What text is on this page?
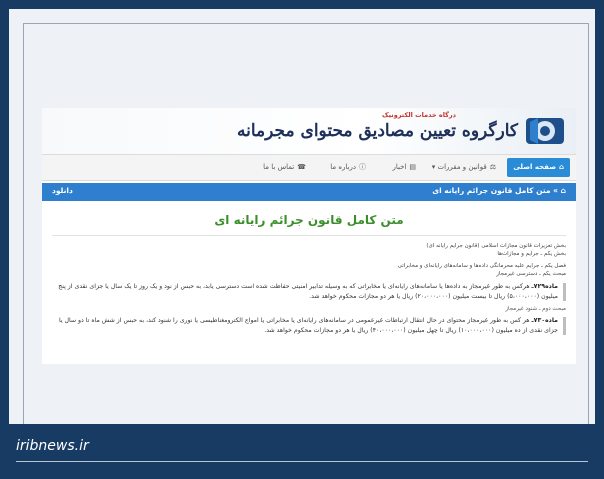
درگاه خدمات الکترونیک
کارگروه تعیین مصادیق محتوای مجرمانه
⌂صفحه اصلی
⚖قوانین و مقررات ▾
▤اخبار
ⓘدرباره ما
☎تماس با ما
⌂ » متن کامل قانون جرائم رایانه ای
دانلود
متن کامل قانون جرائم رایانه ای
بخش تعزیرات قانون مجازات اسلامی (قانون جرایم رایانه ای)
بخش یکم ـ جرایم و مجازات‌ها
فصل یکم ـ جرایم علیه محرمانگی داده‌ها و سامانه‌های رایانه‌ای و مخابراتی
مبحث یکم ـ دسترسی غیرمجاز
ماده۷۲۹ـ هرکس به طور غیرمجاز به داده‌ها یا سامانه‌های رایانه‌ای یا مخابراتی که به وسیله تدابیر امنیتی حفاظت شده است دسترسی یابد، به حبس از نود و یک روز تا یک سال یا جزای نقدی از پنج میلیون (۵،۰۰۰،۰۰۰) ریال تا بیست میلیون (۲۰،۰۰۰،۰۰۰) ریال یا هر دو مجازات محکوم خواهد شد.
مبحث دوم ـ شنود غیرمجاز
ماده۷۳۰ـ هر کس به طور غیرمجاز محتوای در حال انتقال ارتباطات غیرعمومی در سامانه‌های رایانه‌ای یا مخابراتی یا امواج الکترومغناطیسی یا نوری را شنود کند، به حبس از شش ماه تا دو سال یا جزای نقدی از ده میلیون (۱۰،۰۰۰،۰۰۰) ریال تا چهل میلیون (۴۰،۰۰۰،۰۰۰) ریال یا هر دو مجازات محکوم خواهد شد.
iribnews.ir
